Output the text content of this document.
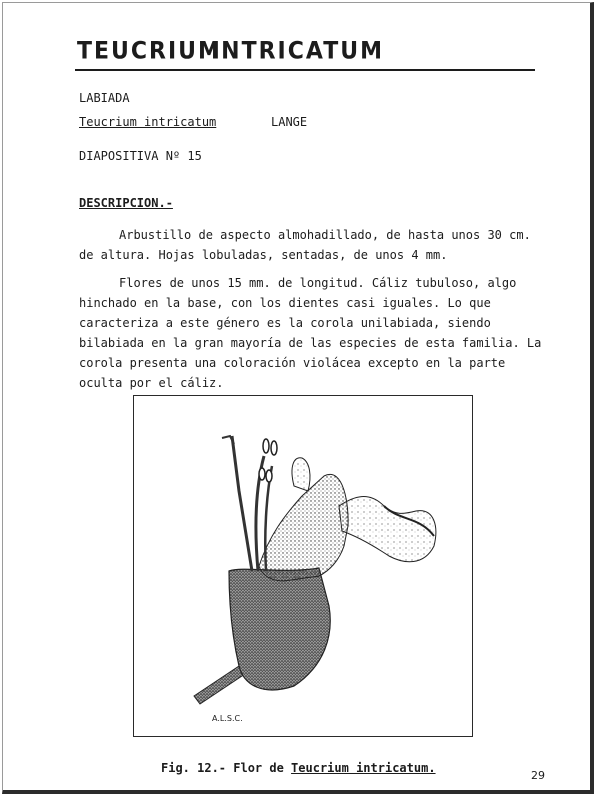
TEUCRIUM
INTRICATUM
LABIADA
Teucrium intricatum	LANGE
DIAPOSITIVA Nº 15
DESCRIPCION.-

Arbustillo de aspecto almohadillado, de hasta unos 30 cm. de altura. Hojas lobuladas, sentadas, de unos 4 mm.

Flores de unos 15 mm. de longitud. Cáliz tubuloso, algo hinchado en la base, con los dientes casi iguales. Lo que caracteriza a este género es la corola unilabiada, siendo bilabiada en la gran mayoría de las especies de esta familia. La corola presenta una coloración violácea excepto en la parte oculta por el cáliz.

A.L.S.C.
Fig. 12.- Flor de Teucrium intricatum.
29
